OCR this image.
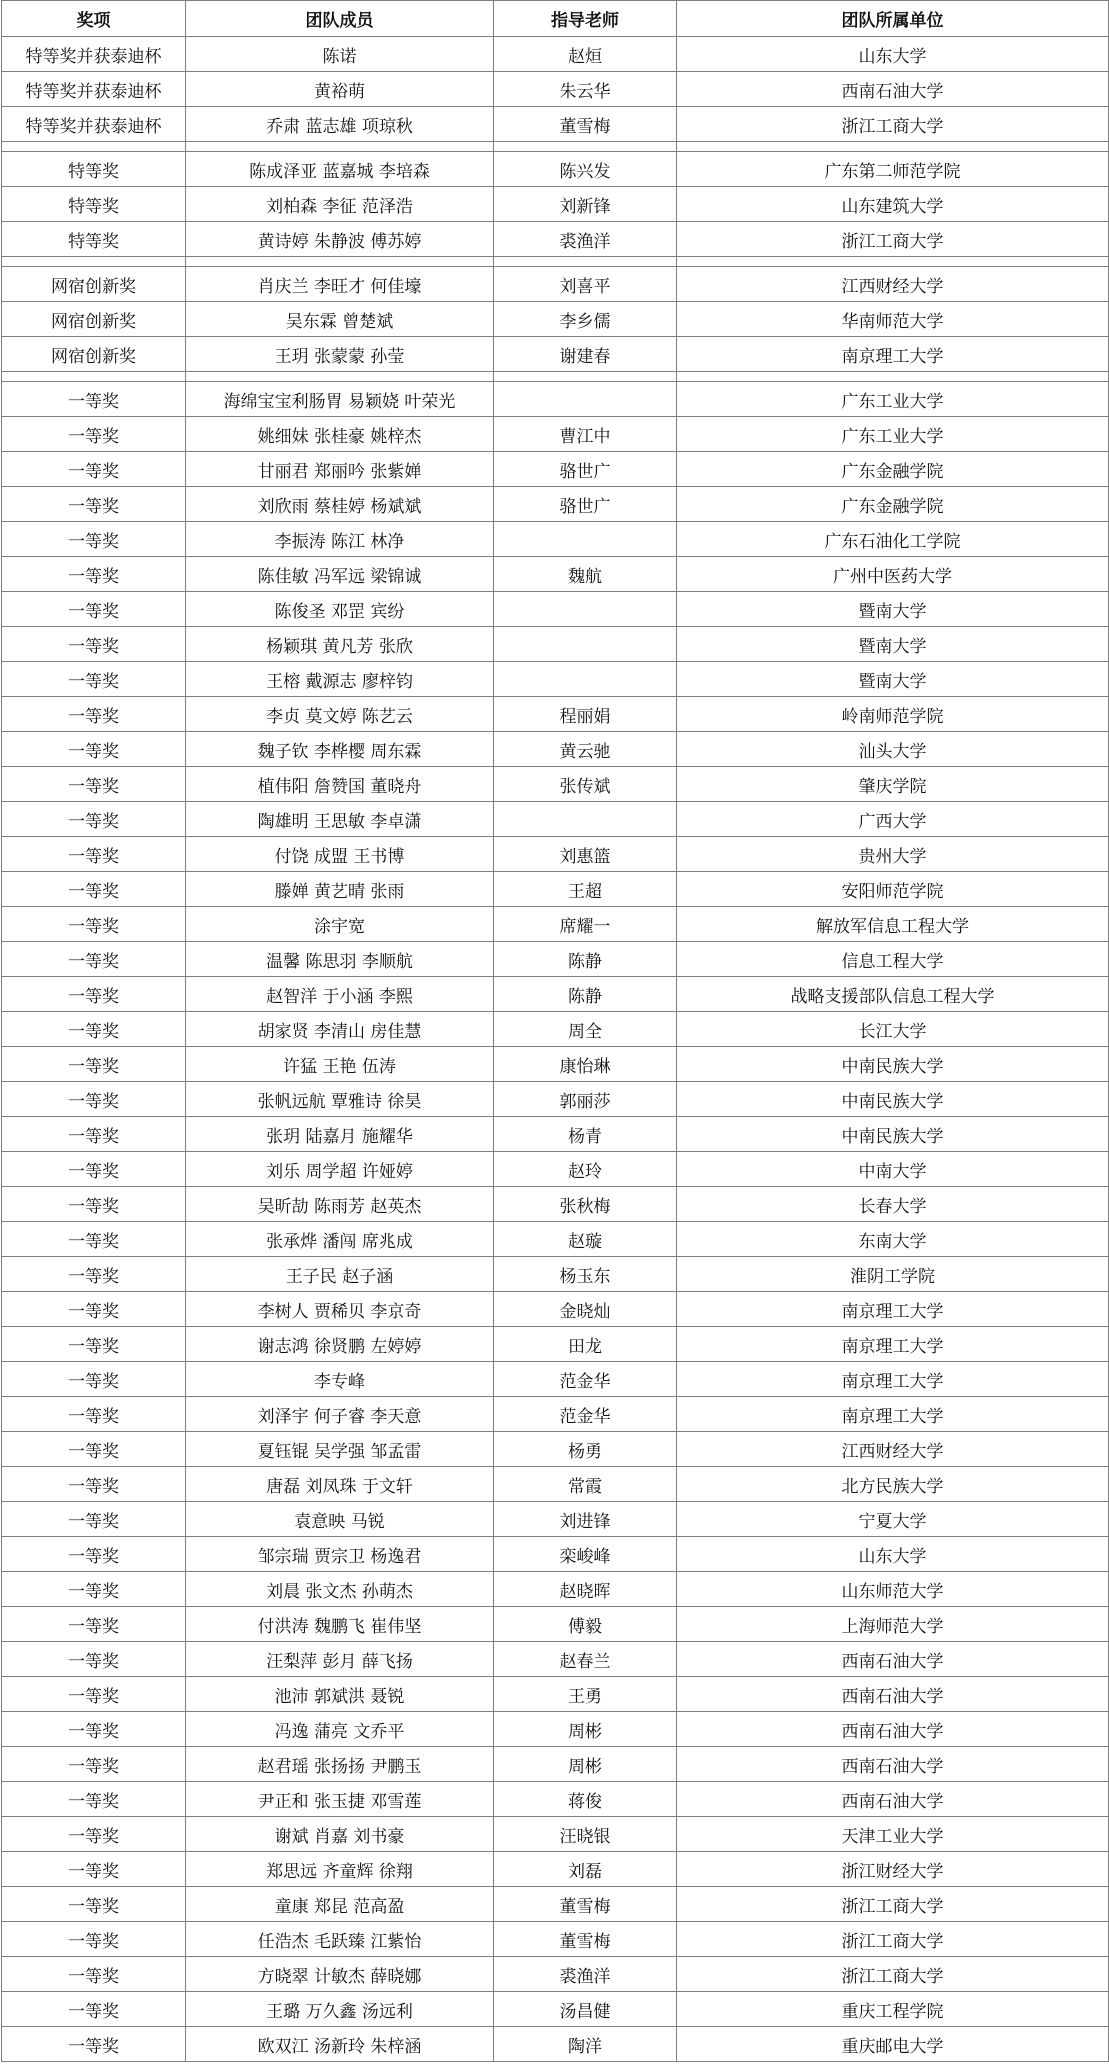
奖项	团队成员	指导老师	团队所属单位
特等奖并获泰迪杯	陈诺	赵烜	山东大学
特等奖并获泰迪杯	黄裕萌	朱云华	西南石油大学
特等奖并获泰迪杯	乔肃 蓝志雄 项琼秋	董雪梅	浙江工商大学

特等奖	陈成泽亚 蓝嘉城 李培森	陈兴发	广东第二师范学院
特等奖	刘柏森 李征 范泽浩	刘新锋	山东建筑大学
特等奖	黄诗婷 朱静波 傅苏婷	裘渔洋	浙江工商大学

网宿创新奖	肖庆兰 李旺才 何佳壕	刘喜平	江西财经大学
网宿创新奖	吴东霖 曾楚斌	李乡儒	华南师范大学
网宿创新奖	王玥 张蒙蒙 孙莹	谢建春	南京理工大学

一等奖	海绵宝宝利肠胃 易颖娆 叶荣光		广东工业大学
一等奖	姚细妹 张桂豪 姚梓杰	曹江中	广东工业大学
一等奖	甘丽君 郑丽吟 张紫婵	骆世广	广东金融学院
一等奖	刘欣雨 蔡桂婷 杨斌斌	骆世广	广东金融学院
一等奖	李振涛 陈江 林净		广东石油化工学院
一等奖	陈佳敏 冯军远 梁锦诚	魏航	广州中医药大学
一等奖	陈俊圣 邓罡 宾纷		暨南大学
一等奖	杨颖琪 黄凡芳 张欣		暨南大学
一等奖	王榕 戴源志 廖梓钧		暨南大学
一等奖	李贞 莫文婷 陈艺云	程丽娟	岭南师范学院
一等奖	魏子钦 李桦樱 周东霖	黄云驰	汕头大学
一等奖	植伟阳 詹赞国 董晓舟	张传斌	肇庆学院
一等奖	陶雄明 王思敏 李卓潇		广西大学
一等奖	付饶 成盟 王书博	刘惠篮	贵州大学
一等奖	滕婵 黄艺晴 张雨	王超	安阳师范学院
一等奖	涂宇宽	席耀一	解放军信息工程大学
一等奖	温馨 陈思羽 李顺航	陈静	信息工程大学
一等奖	赵智洋 于小涵 李熙	陈静	战略支援部队信息工程大学
一等奖	胡家贤 李清山 房佳慧	周全	长江大学
一等奖	许猛 王艳 伍涛	康怡琳	中南民族大学
一等奖	张帆远航 覃雅诗 徐昊	郭丽莎	中南民族大学
一等奖	张玥 陆嘉月 施耀华	杨青	中南民族大学
一等奖	刘乐 周学超 许娅婷	赵玲	中南大学
一等奖	吴昕劼 陈雨芳 赵英杰	张秋梅	长春大学
一等奖	张承烨 潘闯 席兆成	赵璇	东南大学
一等奖	王子民 赵子涵	杨玉东	淮阴工学院
一等奖	李树人 贾稀贝 李京奇	金晓灿	南京理工大学
一等奖	谢志鸿 徐贤鹏 左婷婷	田龙	南京理工大学
一等奖	李专峰	范金华	南京理工大学
一等奖	刘泽宇 何子睿 李天意	范金华	南京理工大学
一等奖	夏钰锟 吴学强 邹孟雷	杨勇	江西财经大学
一等奖	唐磊 刘凤珠 于文轩	常霞	北方民族大学
一等奖	袁意映 马锐	刘进锋	宁夏大学
一等奖	邹宗瑞 贾宗卫 杨逸君	栾峻峰	山东大学
一等奖	刘晨 张文杰 孙萌杰	赵晓晖	山东师范大学
一等奖	付洪涛 魏鹏飞 崔伟坚	傅毅	上海师范大学
一等奖	汪梨萍 彭月 薛飞扬	赵春兰	西南石油大学
一等奖	池沛 郭斌洪 聂锐	王勇	西南石油大学
一等奖	冯逸 蒲亮 文乔平	周彬	西南石油大学
一等奖	赵君瑶 张扬扬 尹鹏玉	周彬	西南石油大学
一等奖	尹正和 张玉捷 邓雪莲	蒋俊	西南石油大学
一等奖	谢斌 肖嘉 刘书豪	汪晓银	天津工业大学
一等奖	郑思远 齐童辉 徐翔	刘磊	浙江财经大学
一等奖	童康 郑昆 范高盈	董雪梅	浙江工商大学
一等奖	任浩杰 毛跃臻 江紫怡	董雪梅	浙江工商大学
一等奖	方晓翠 计敏杰 薛晓娜	裘渔洋	浙江工商大学
一等奖	王璐 万久鑫 汤远利	汤昌健	重庆工程学院
一等奖	欧双江 汤新玲 朱梓涵	陶洋	重庆邮电大学
